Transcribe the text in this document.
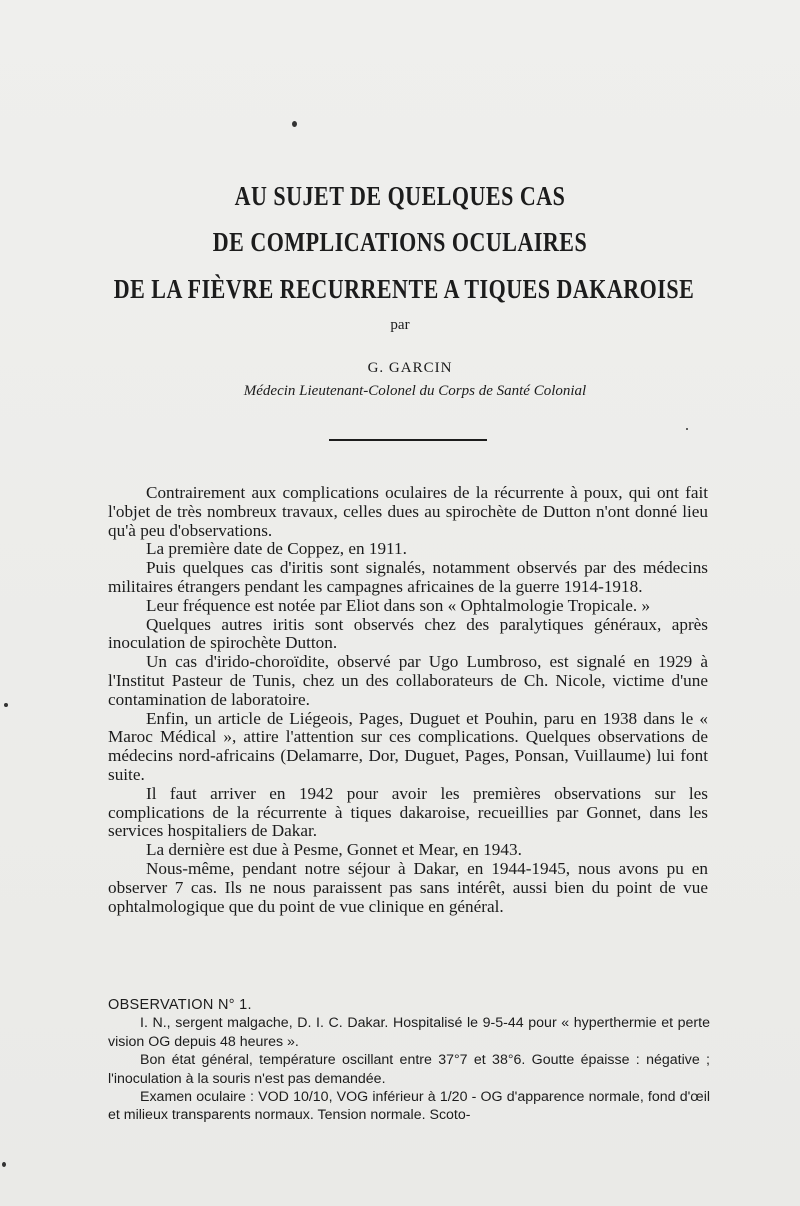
AU SUJET DE QUELQUES CAS
DE COMPLICATIONS OCULAIRES
DE LA FIÈVRE RECURRENTE A TIQUES DAKAROISE
par
G. GARCIN
Médecin Lieutenant-Colonel du Corps de Santé Colonial

Contrairement aux complications oculaires de la récurrente à poux, qui ont fait l'objet de très nombreux travaux, celles dues au spirochète de Dutton n'ont donné lieu qu'à peu d'observations.

La première date de Coppez, en 1911.

Puis quelques cas d'iritis sont signalés, notamment observés par des médecins militaires étrangers pendant les campagnes africaines de la guerre 1914-1918.

Leur fréquence est notée par Eliot dans son « Ophtalmologie Tropicale. »

Quelques autres iritis sont observés chez des paralytiques généraux, après inoculation de spirochète Dutton.

Un cas d'irido-choroïdite, observé par Ugo Lumbroso, est signalé en 1929 à l'Institut Pasteur de Tunis, chez un des collaborateurs de Ch. Nicole, victime d'une contamination de laboratoire.

Enfin, un article de Liégeois, Pages, Duguet et Pouhin, paru en 1938 dans le « Maroc Médical », attire l'attention sur ces complications. Quelques observations de médecins nord-africains (Delamarre, Dor, Duguet, Pages, Ponsan, Vuillaume) lui font suite.

Il faut arriver en 1942 pour avoir les premières observations sur les complications de la récurrente à tiques dakaroise, recueillies par Gonnet, dans les services hospitaliers de Dakar.

La dernière est due à Pesme, Gonnet et Mear, en 1943.

Nous-même, pendant notre séjour à Dakar, en 1944-1945, nous avons pu en observer 7 cas. Ils ne nous paraissent pas sans intérêt, aussi bien du point de vue ophtalmologique que du point de vue clinique en général.

OBSERVATION N° 1.

I. N., sergent malgache, D. I. C. Dakar. Hospitalisé le 9-5-44 pour « hyperthermie et perte vision OG depuis 48 heures ».

Bon état général, température oscillant entre 37°7 et 38°6. Goutte épaisse : négative ; l'inoculation à la souris n'est pas demandée.

Examen oculaire : VOD 10/10, VOG inférieur à 1/20 - OG d'apparence normale, fond d'œil et milieux transparents normaux. Tension normale. Scoto-
